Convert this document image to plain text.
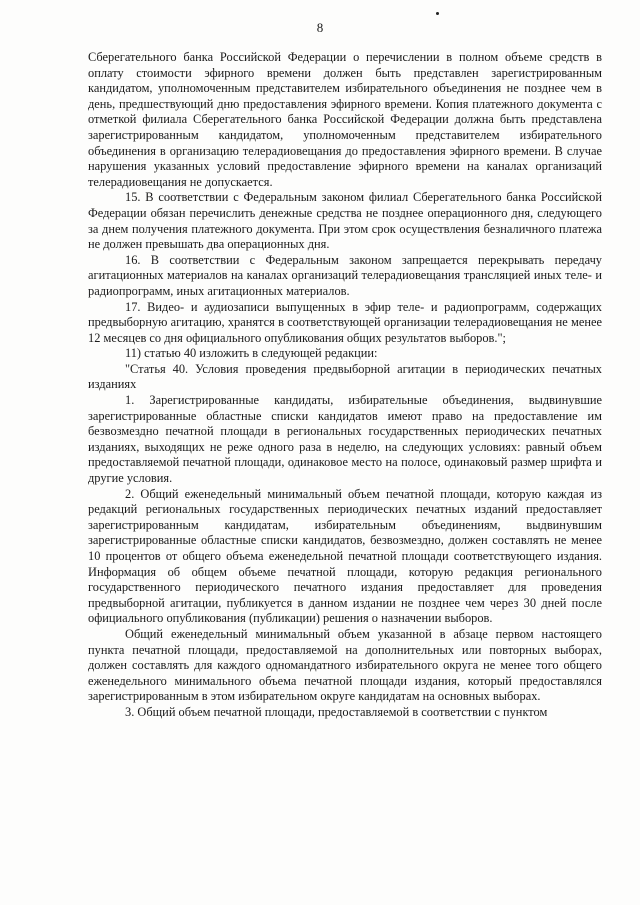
8

Сберегательного банка Российской Федерации о перечислении в полном объеме средств в оплату стоимости эфирного времени должен быть представлен зарегистрированным кандидатом, уполномоченным представителем избирательного объединения не позднее чем в день, предшествующий дню предоставления эфирного времени. Копия платежного документа с отметкой филиала Сберегательного банка Российской Федерации должна быть представлена зарегистрированным кандидатом, уполномоченным представителем избирательного объединения в организацию телерадиовещания до предоставления эфирного времени. В случае нарушения указанных условий предоставление эфирного времени на каналах организаций телерадиовещания не допускается.

15. В соответствии с Федеральным законом филиал Сберегательного банка Российской Федерации обязан перечислить денежные средства не позднее операционного дня, следующего за днем получения платежного документа. При этом срок осуществления безналичного платежа не должен превышать два операционных дня.

16. В соответствии с Федеральным законом запрещается перекрывать передачу агитационных материалов на каналах организаций телерадиовещания трансляцией иных теле- и радиопрограмм, иных агитационных материалов.

17. Видео- и аудиозаписи выпущенных в эфир теле- и радиопрограмм, содержащих предвыборную агитацию, хранятся в соответствующей организации телерадиовещания не менее 12 месяцев со дня официального опубликования общих результатов выборов.";

11) статью 40 изложить в следующей редакции:

"Статья 40. Условия проведения предвыборной агитации в периодических печатных изданиях

1. Зарегистрированные кандидаты, избирательные объединения, выдвинувшие зарегистрированные областные списки кандидатов имеют право на предоставление им безвозмездно печатной площади в региональных государственных периодических печатных изданиях, выходящих не реже одного раза в неделю, на следующих условиях: равный объем предоставляемой печатной площади, одинаковое место на полосе, одинаковый размер шрифта и другие условия.

2. Общий еженедельный минимальный объем печатной площади, которую каждая из редакций региональных государственных периодических печатных изданий предоставляет зарегистрированным кандидатам, избирательным объединениям, выдвинувшим зарегистрированные областные списки кандидатов, безвозмездно, должен составлять не менее 10 процентов от общего объема еженедельной печатной площади соответствующего издания. Информация об общем объеме печатной площади, которую редакция регионального государственного периодического печатного издания предоставляет для проведения предвыборной агитации, публикуется в данном издании не позднее чем через 30 дней после официального опубликования (публикации) решения о назначении выборов.

Общий еженедельный минимальный объем указанной в абзаце первом настоящего пункта печатной площади, предоставляемой на дополнительных или повторных выборах, должен составлять для каждого одномандатного избирательного округа не менее того общего еженедельного минимального объема печатной площади издания, который предоставлялся зарегистрированным в этом избирательном округе кандидатам на основных выборах.

3. Общий объем печатной площади, предоставляемой в соответствии с пунктом
